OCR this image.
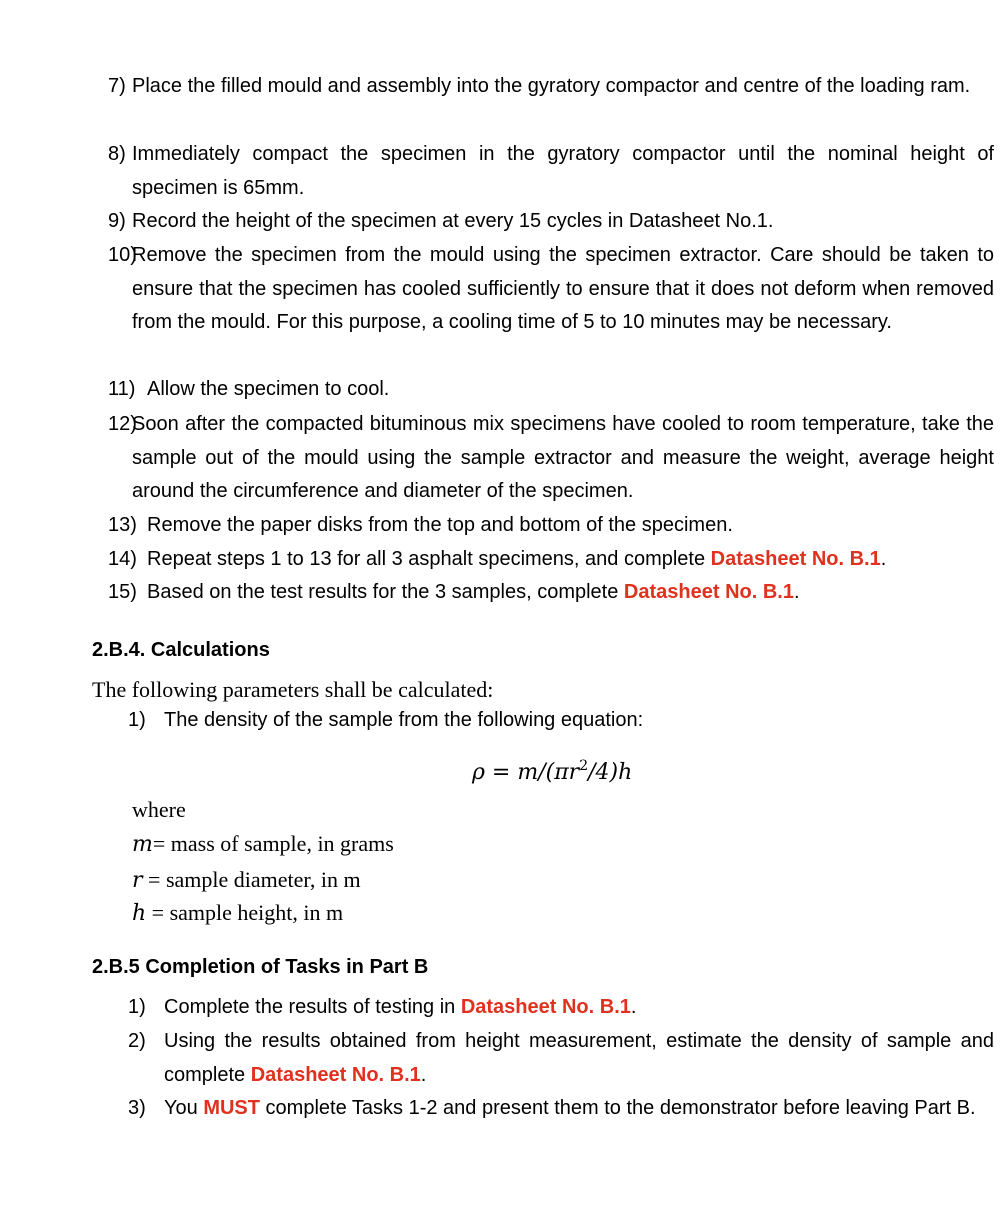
7) Place the filled mould and assembly into the gyratory compactor and centre of the loading ram.
8) Immediately compact the specimen in the gyratory compactor until the nominal height of specimen is 65mm.
9) Record the height of the specimen at every 15 cycles in Datasheet No.1.
10)
Remove the specimen from the mould using the specimen extractor. Care should be taken to ensure that the specimen has cooled sufficiently to ensure that it does not deform when removed from the mould. For this purpose, a cooling time of 5 to 10 minutes may be necessary.
11) Allow the specimen to cool.
12)
Soon after the compacted bituminous mix specimens have cooled to room temperature, take the sample out of the mould using the sample extractor and measure the weight, average height around the circumference and diameter of the specimen.
13) Remove the paper disks from the top and bottom of the specimen.
14) Repeat steps 1 to 13 for all 3 asphalt specimens, and complete Datasheet No. B.1.
15) Based on the test results for the 3 samples, complete Datasheet No. B.1.
2.B.4. Calculations
The following parameters shall be calculated:
1) The density of the sample from the following equation:
$\rho = m/(\pi r^2/4)h$
where
m= mass of sample, in grams
r = sample diameter, in m
h = sample height, in m
2.B.5 Completion of Tasks in Part B
1) Complete the results of testing in Datasheet No. B.1.
2) Using the results obtained from height measurement, estimate the density of sample and complete Datasheet No. B.1.
3) You MUST complete Tasks 1-2 and present them to the demonstrator before leaving Part B.
